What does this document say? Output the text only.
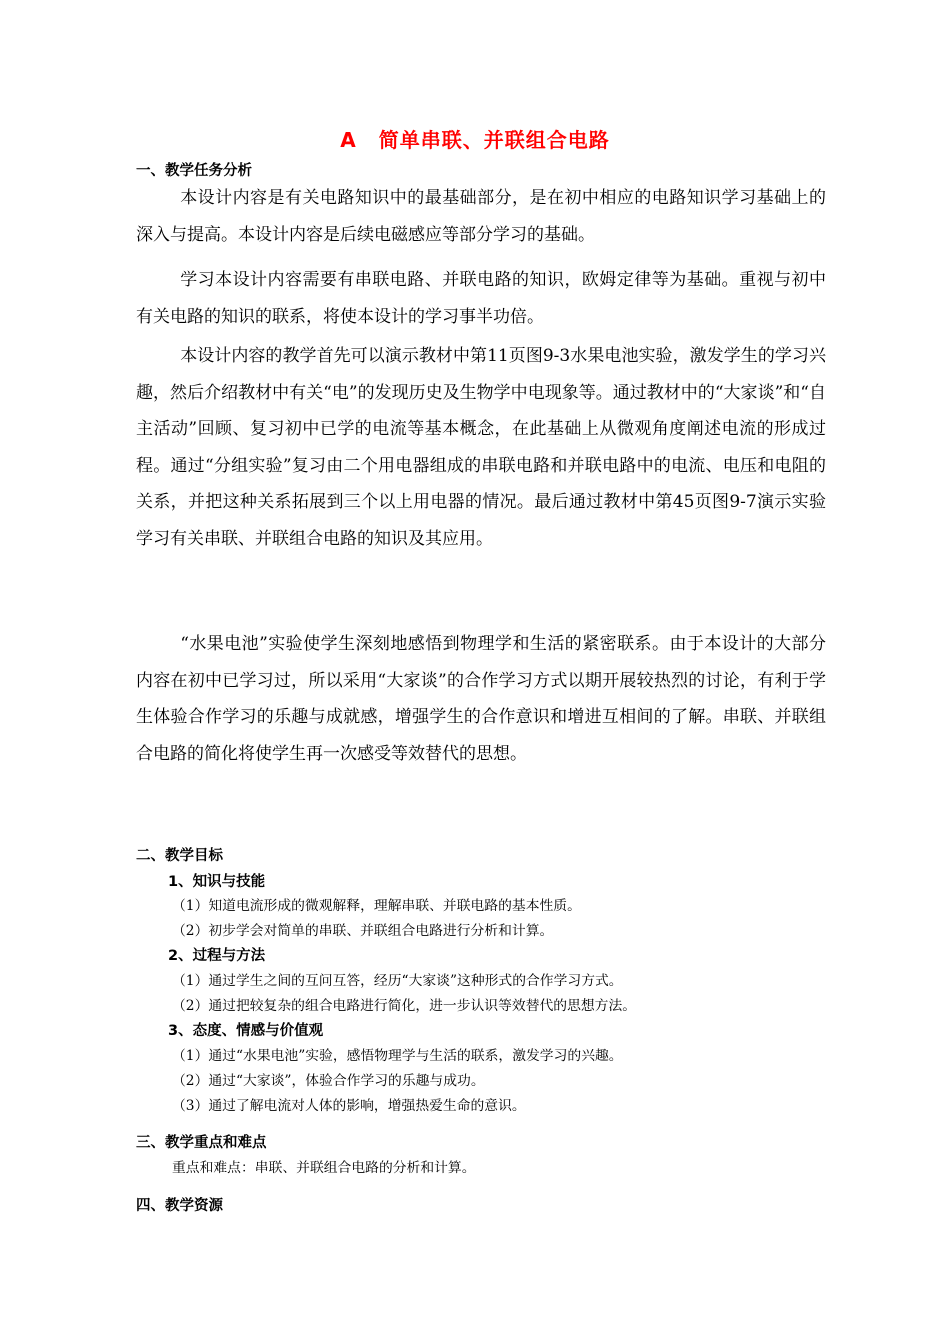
A 简单串联、并联组合电路
一、教学任务分析

本设计内容是有关电路知识中的最基础部分，是在初中相应的电路知识学习基础上的深入与提高。本设计内容是后续电磁感应等部分学习的基础。

学习本设计内容需要有串联电路、并联电路的知识，欧姆定律等为基础。重视与初中有关电路的知识的联系，将使本设计的学习事半功倍。

本设计内容的教学首先可以演示教材中第11页图9-3水果电池实验，激发学生的学习兴趣，然后介绍教材中有关“电”的发现历史及生物学中电现象等。通过教材中的“大家谈”和“自主活动”回顾、复习初中已学的电流等基本概念，在此基础上从微观角度阐述电流的形成过程。通过“分组实验”复习由二个用电器组成的串联电路和并联电路中的电流、电压和电阻的关系，并把这种关系拓展到三个以上用电器的情况。最后通过教材中第45页图9-7演示实验学习有关串联、并联组合电路的知识及其应用。

“水果电池”实验使学生深刻地感悟到物理学和生活的紧密联系。由于本设计的大部分内容在初中已学习过，所以采用“大家谈”的合作学习方式以期开展较热烈的讨论，有利于学生体验合作学习的乐趣与成就感，增强学生的合作意识和增进互相间的了解。串联、并联组合电路的简化将使学生再一次感受等效替代的思想。

二、教学目标
1、知识与技能
（1）知道电流形成的微观解释，理解串联、并联电路的基本性质。
（2）初步学会对简单的串联、并联组合电路进行分析和计算。
2、过程与方法
（1）通过学生之间的互问互答，经历“大家谈”这种形式的合作学习方式。
（2）通过把较复杂的组合电路进行简化，进一步认识等效替代的思想方法。
3、态度、情感与价值观
（1）通过“水果电池”实验，感悟物理学与生活的联系，激发学习的兴趣。
（2）通过“大家谈”，体验合作学习的乐趣与成功。
（3）通过了解电流对人体的影响，增强热爱生命的意识。
三、教学重点和难点
重点和难点：串联、并联组合电路的分析和计算。
四、教学资源
